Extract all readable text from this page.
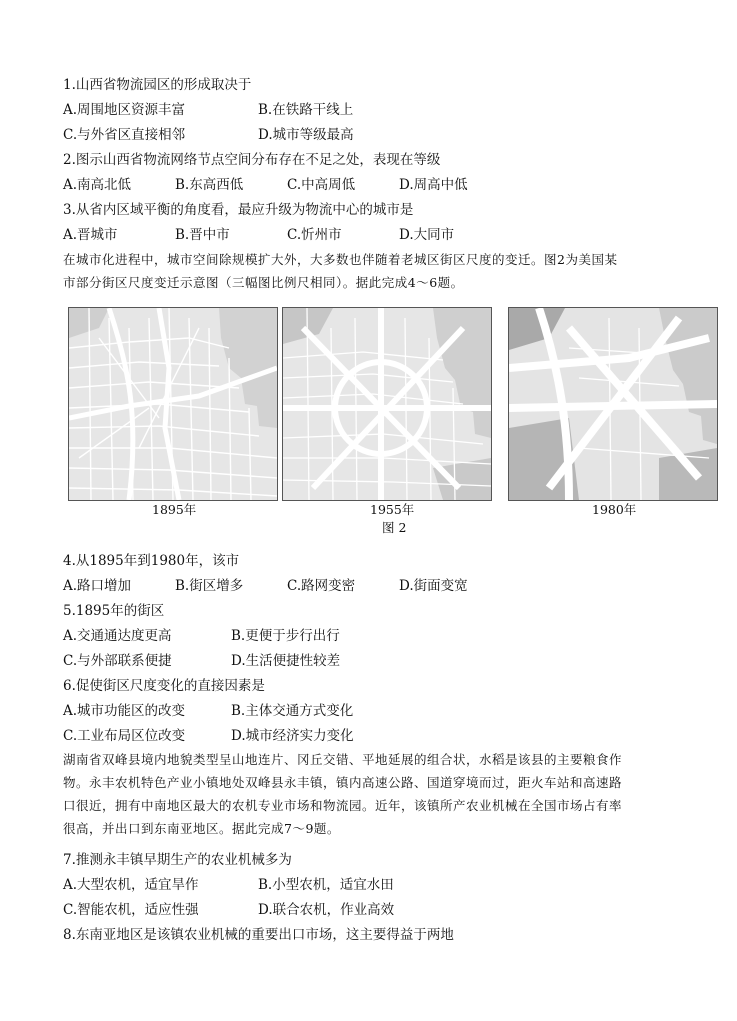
1.山西省物流园区的形成取决于
A.周围地区资源丰富	B.在铁路干线上
C.与外省区直接相邻	D.城市等级最高
2.图示山西省物流网络节点空间分布存在不足之处，表现在等级
A.南高北低	B.东高西低	C.中高周低	D.周高中低
3.从省内区域平衡的角度看，最应升级为物流中心的城市是
A.晋城市	B.晋中市	C.忻州市	D.大同市
在城市化进程中，城市空间除规模扩大外，大多数也伴随着老城区街区尺度的变迁。图2为美国某
市部分街区尺度变迁示意图（三幅图比例尺相同）。据此完成4～6题。
1895年	1955年	1980年
图 2
4.从1895年到1980年，该市
A.路口增加	B.街区增多	C.路网变密	D.街面变宽
5.1895年的街区
A.交通通达度更高	B.更便于步行出行
C.与外部联系便捷	D.生活便捷性较差
6.促使街区尺度变化的直接因素是
A.城市功能区的改变	B.主体交通方式变化
C.工业布局区位改变	D.城市经济实力变化
湖南省双峰县境内地貌类型呈山地连片、冈丘交错、平地延展的组合状，水稻是该县的主要粮食作
物。永丰农机特色产业小镇地处双峰县永丰镇，镇内高速公路、国道穿境而过，距火车站和高速路
口很近，拥有中南地区最大的农机专业市场和物流园。近年，该镇所产农业机械在全国市场占有率
很高，并出口到东南亚地区。据此完成7～9题。
7.推测永丰镇早期生产的农业机械多为
A.大型农机，适宜旱作	B.小型农机，适宜水田
C.智能农机，适应性强	D.联合农机，作业高效
8.东南亚地区是该镇农业机械的重要出口市场，这主要得益于两地
